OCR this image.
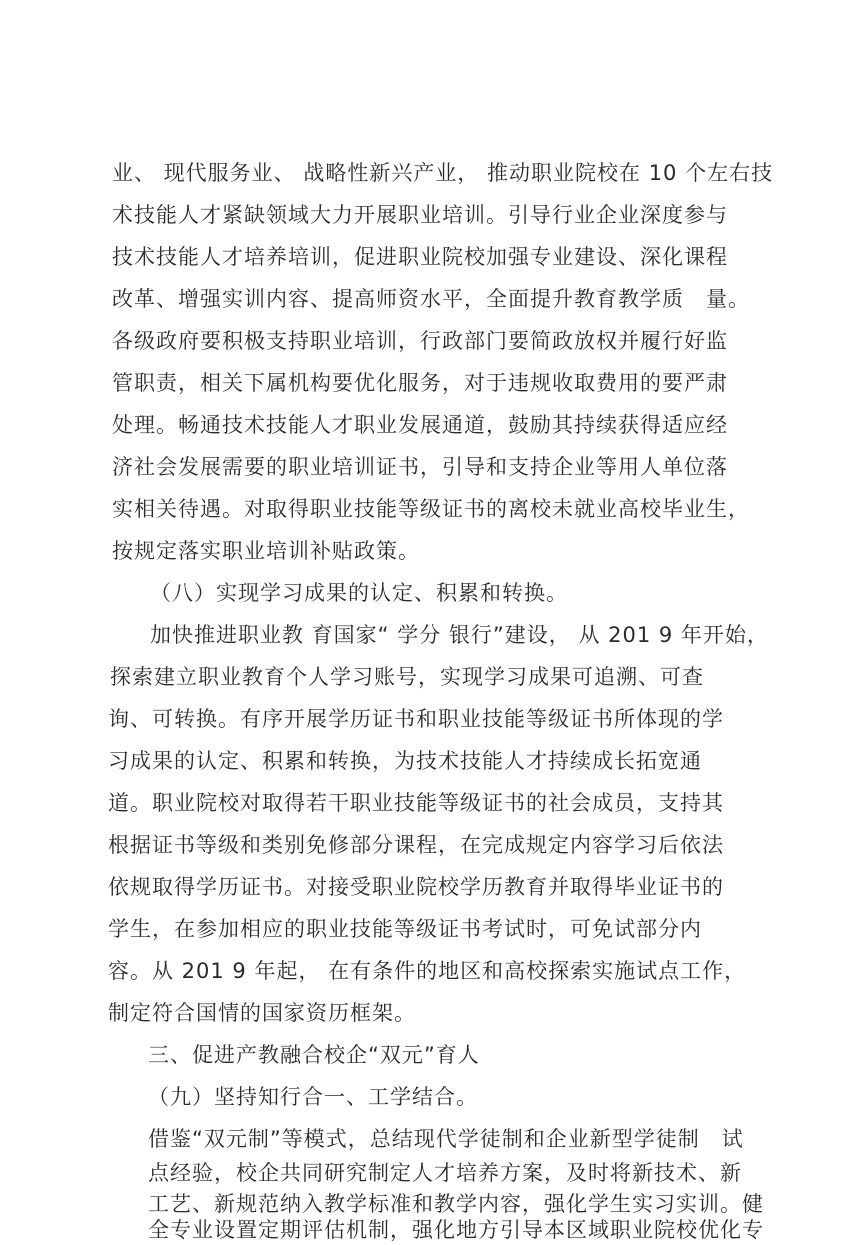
业、 现代服务业、 战略性新兴产业， 推动职业院校在 10 个左右技
术技能人才紧缺领域大力开展职业培训。引导行业企业深度参与
技术技能人才培养培训，促进职业院校加强专业建设、深化课程
改革、增强实训内容、提高师资水平，全面提升教育教学质　量。
各级政府要积极支持职业培训，行政部门要简政放权并履行好监
管职责，相关下属机构要优化服务，对于违规收取费用的要严肃
处理。畅通技术技能人才职业发展通道，鼓励其持续获得适应经
济社会发展需要的职业培训证书，引导和支持企业等用人单位落
实相关待遇。对取得职业技能等级证书的离校未就业高校毕业生，
按规定落实职业培训补贴政策。
（八）实现学习成果的认定、积累和转换。
加快推进职业教 育国家“ 学分 银行”建设， 从 201 9 年开始，
探索建立职业教育个人学习账号，实现学习成果可追溯、可查
询、可转换。有序开展学历证书和职业技能等级证书所体现的学
习成果的认定、积累和转换，为技术技能人才持续成长拓宽通
道。职业院校对取得若干职业技能等级证书的社会成员，支持其
根据证书等级和类别免修部分课程，在完成规定内容学习后依法
依规取得学历证书。对接受职业院校学历教育并取得毕业证书的
学生，在参加相应的职业技能等级证书考试时，可免试部分内
容。从 201 9 年起， 在有条件的地区和高校探索实施试点工作，
制定符合国情的国家资历框架。
三、促进产教融合校企“双元”育人
（九）坚持知行合一、工学结合。
借鉴“双元制”等模式，总结现代学徒制和企业新型学徒制　试
点经验，校企共同研究制定人才培养方案，及时将新技术、新
工艺、新规范纳入教学标准和教学内容，强化学生实习实训。健
全专业设置定期评估机制，强化地方引导本区域职业院校优化专
